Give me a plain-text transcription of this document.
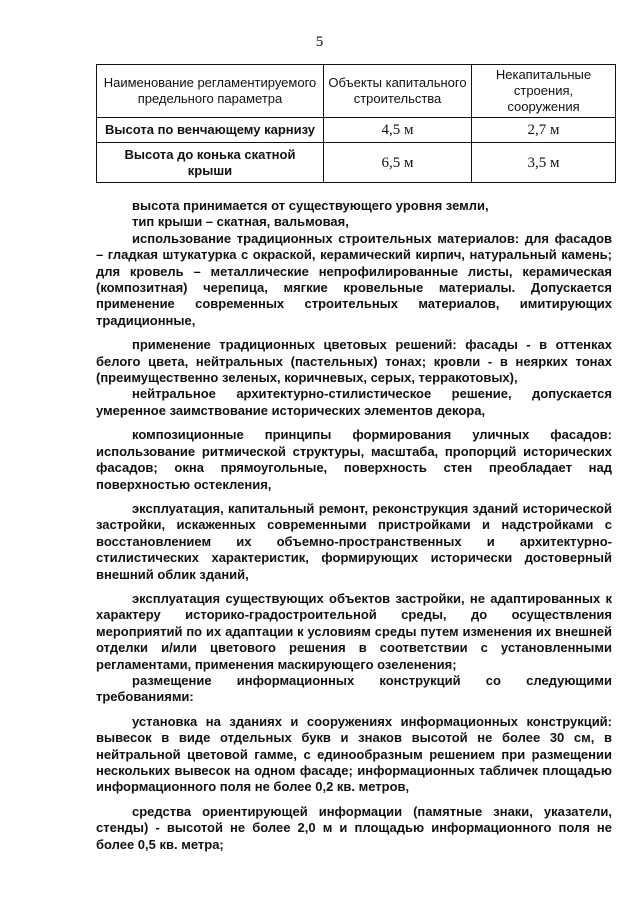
5
Наименование регламентируемого предельного параметра	Объекты капитального строительства	Некапитальные строения, сооружения
Высота по венчающему карнизу	4,5 м	2,7 м
Высота до конька скатной крыши	6,5 м	3,5 м

высота принимается от существующего уровня земли,

тип крыши – скатная, вальмовая,

использование традиционных строительных материалов: для фасадов – гладкая штукатурка с окраской, керамический кирпич, натуральный камень; для кровель – металлические непрофилированные листы, керамическая (композитная) черепица, мягкие кровельные материалы. Допускается применение современных строительных материалов, имитирующих традиционные,

применение традиционных цветовых решений: фасады - в оттенках белого цвета, нейтральных (пастельных) тонах; кровли - в неярких тонах (преимущественно зеленых, коричневых, серых, терракотовых),

нейтральное архитектурно-стилистическое решение, допускается умеренное заимствование исторических элементов декора,

композиционные принципы формирования уличных фасадов: использование ритмической структуры, масштаба, пропорций исторических фасадов; окна прямоугольные, поверхность стен преобладает над поверхностью остекления,

эксплуатация, капитальный ремонт, реконструкция зданий исторической застройки, искаженных современными пристройками и надстройками с восстановлением их объемно-пространственных и архитектурно-стилистических характеристик, формирующих исторически достоверный внешний облик зданий,

эксплуатация существующих объектов застройки, не адаптированных к характеру историко-градостроительной среды, до осуществления мероприятий по их адаптации к условиям среды путем изменения их внешней отделки и/или цветового решения в соответствии с установленными регламентами, применения маскирующего озеленения;

размещение информационных конструкций со следующими требованиями:

установка на зданиях и сооружениях информационных конструкций: вывесок в виде отдельных букв и знаков высотой не более 30 см, в нейтральной цветовой гамме, с единообразным решением при размещении нескольких вывесок на одном фасаде; информационных табличек площадью информационного поля не более 0,2 кв. метров,

средства ориентирующей информации (памятные знаки, указатели, стенды) - высотой не более 2,0 м и площадью информационного поля не более 0,5 кв. метра;
